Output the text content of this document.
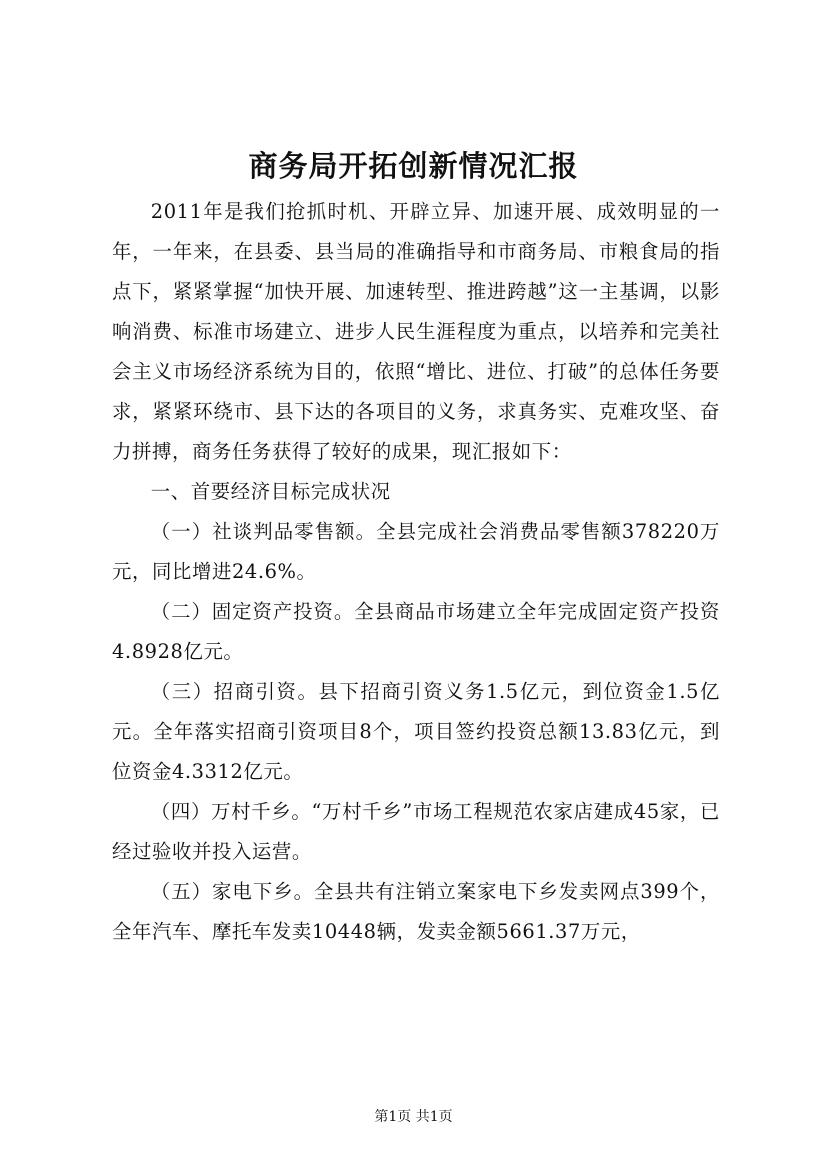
商务局开拓创新情况汇报

2011年是我们抢抓时机、开辟立异、加速开展、成效明显的一年，一年来，在县委、县当局的准确指导和市商务局、市粮食局的指点下，紧紧掌握“加快开展、加速转型、推进跨越”这一主基调，以影响消费、标准市场建立、进步人民生涯程度为重点，以培养和完美社会主义市场经济系统为目的，依照“增比、进位、打破”的总体任务要求，紧紧环绕市、县下达的各项目的义务，求真务实、克难攻坚、奋力拼搏，商务任务获得了较好的成果，现汇报如下：

一、首要经济目标完成状况

（一）社谈判品零售额。全县完成社会消费品零售额378220万元，同比增进24.6%。

（二）固定资产投资。全县商品市场建立全年完成固定资产投资4.8928亿元。

（三）招商引资。县下招商引资义务1.5亿元，到位资金1.5亿元。全年落实招商引资项目8个，项目签约投资总额13.83亿元，到位资金4.3312亿元。

（四）万村千乡。“万村千乡”市场工程规范农家店建成45家，已经过验收并投入运营。

（五）家电下乡。全县共有注销立案家电下乡发卖网点399个，全年汽车、摩托车发卖10448辆，发卖金额5661.37万元，

第1页 共1页
